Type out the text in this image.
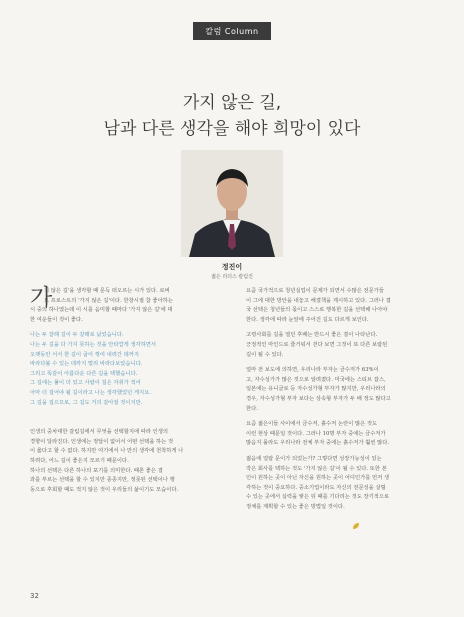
칼럼 Column
가지 않은 길,
남과 다른 생각을 해야 희망이 있다
정진이
젊은 리더스 칼럼진
가

지 않은 길'을 생각할 때 문득 떠오르는 시가 있다. 로버

트 프로스트의 '가지 않은 길'이다. 한창시절 참 좋아하는

시 중의 하나였는데 이 시를 음미할 때마다 '가지 않은 길'에 대

한 여운들이 것이 좋다.

나는 두 갈래 길이 두 갈래로 났었습니다.

나는 두 길을 다 가지 못하는 것을 안타깝게 생각하면서

오랫동안 서서 한 길이 굽어 꺾여 내려간 데까지

바라다볼 수 있는 데까지 멀리 바라다보았습니다.

그리고 똑같이 아름다운 다른 길을 택했습니다.

그 길에는 풀이 더 있고 사람이 걸은 자취가 적어

아마 더 걸어야 될 길이라고 나는 생각했었던 게지요.

그 길을 걸으므로, 그 길도 거의 같아질 것이지만.

인생의 중차대한 갈림길에서 무엇을 선택할지에 따라 인생의

경향이 달라진다. 인생에는 정답이 없어서 어떤 선택을 하는 것

이 옳다고 할 수 없다. 하지만 여기에서 나 만의 생각에 천착하게 나

하려다, 어느 길이 좋은지 모르기 때문이다.

하나의 선택은 다른 하나의 포기를 의미한다. 때론 좋은 결

과를 부르는 선택을 할 수 있지만 종종지만, 정못된 선택이나 행

동으로 후회할 때도 적지 않은 것이 우리들의 삶이기도 모습이다.

요즘 국가적으로 청년실업이 문제가 되면서 수많은 전문가들

이 그에 대한 방안을 내놓고 해결책을 제시하고 있다. 그러나 결

국 선택은 청년들의 몫이고 스스로 행복한 길을 선택해 나아야

한다. 생각에 따라 눈앞에 주어진 길도 다르게 보인다.

고령사회를 길을 열던 후배는 반드시 좋은 결이 나타난다.

긍정적인 마인드로 즐거워서 걷다 보면 그것이 또 다른 보람된

길이 될 수 있다.

얼마 전 보도에 의하면, 우리나라 부자는 금수저가 63%이

고, 자수성가가 많은 것으로 알려졌다. 미국에는 스티브 잡스,

일본에는 유니클로 등 자수성가형 부자가 많지만, 우리나라의

경우, 자수성가형 부자 보다는 상속형 부자가 두 배 정도 많다고

한다.

요즘 젊은이들 사이에서 금수저, 흙수저 논란이 많은 것도

이런 현상 때문일 것이다. 그러나 10명 부자 중에는 금수저가

많음지 몰라도 우리나라 전체 부자 중에는 흙수저가 훨씬 많다.

젊음에 얼탑 문이가 되었는가? 그렇다면 성장가능성이 있는

작은 회사를 택하는 것도 '가지 않은 길'이 될 수 있다. 또한 본

인이 원하는 곳이 아닌 자신을 원하는 곳이 어디인가를 먼저 생

각하는 것이 중요하다. 중소기업이라도 자신의 전문성을 살릴

수 있는 곳에서 실력을 쌓은 뒤 때를 기다리는 것도 장기적으로

정체를 계획할 수 있는 좋은 방법일 것이다.

32
